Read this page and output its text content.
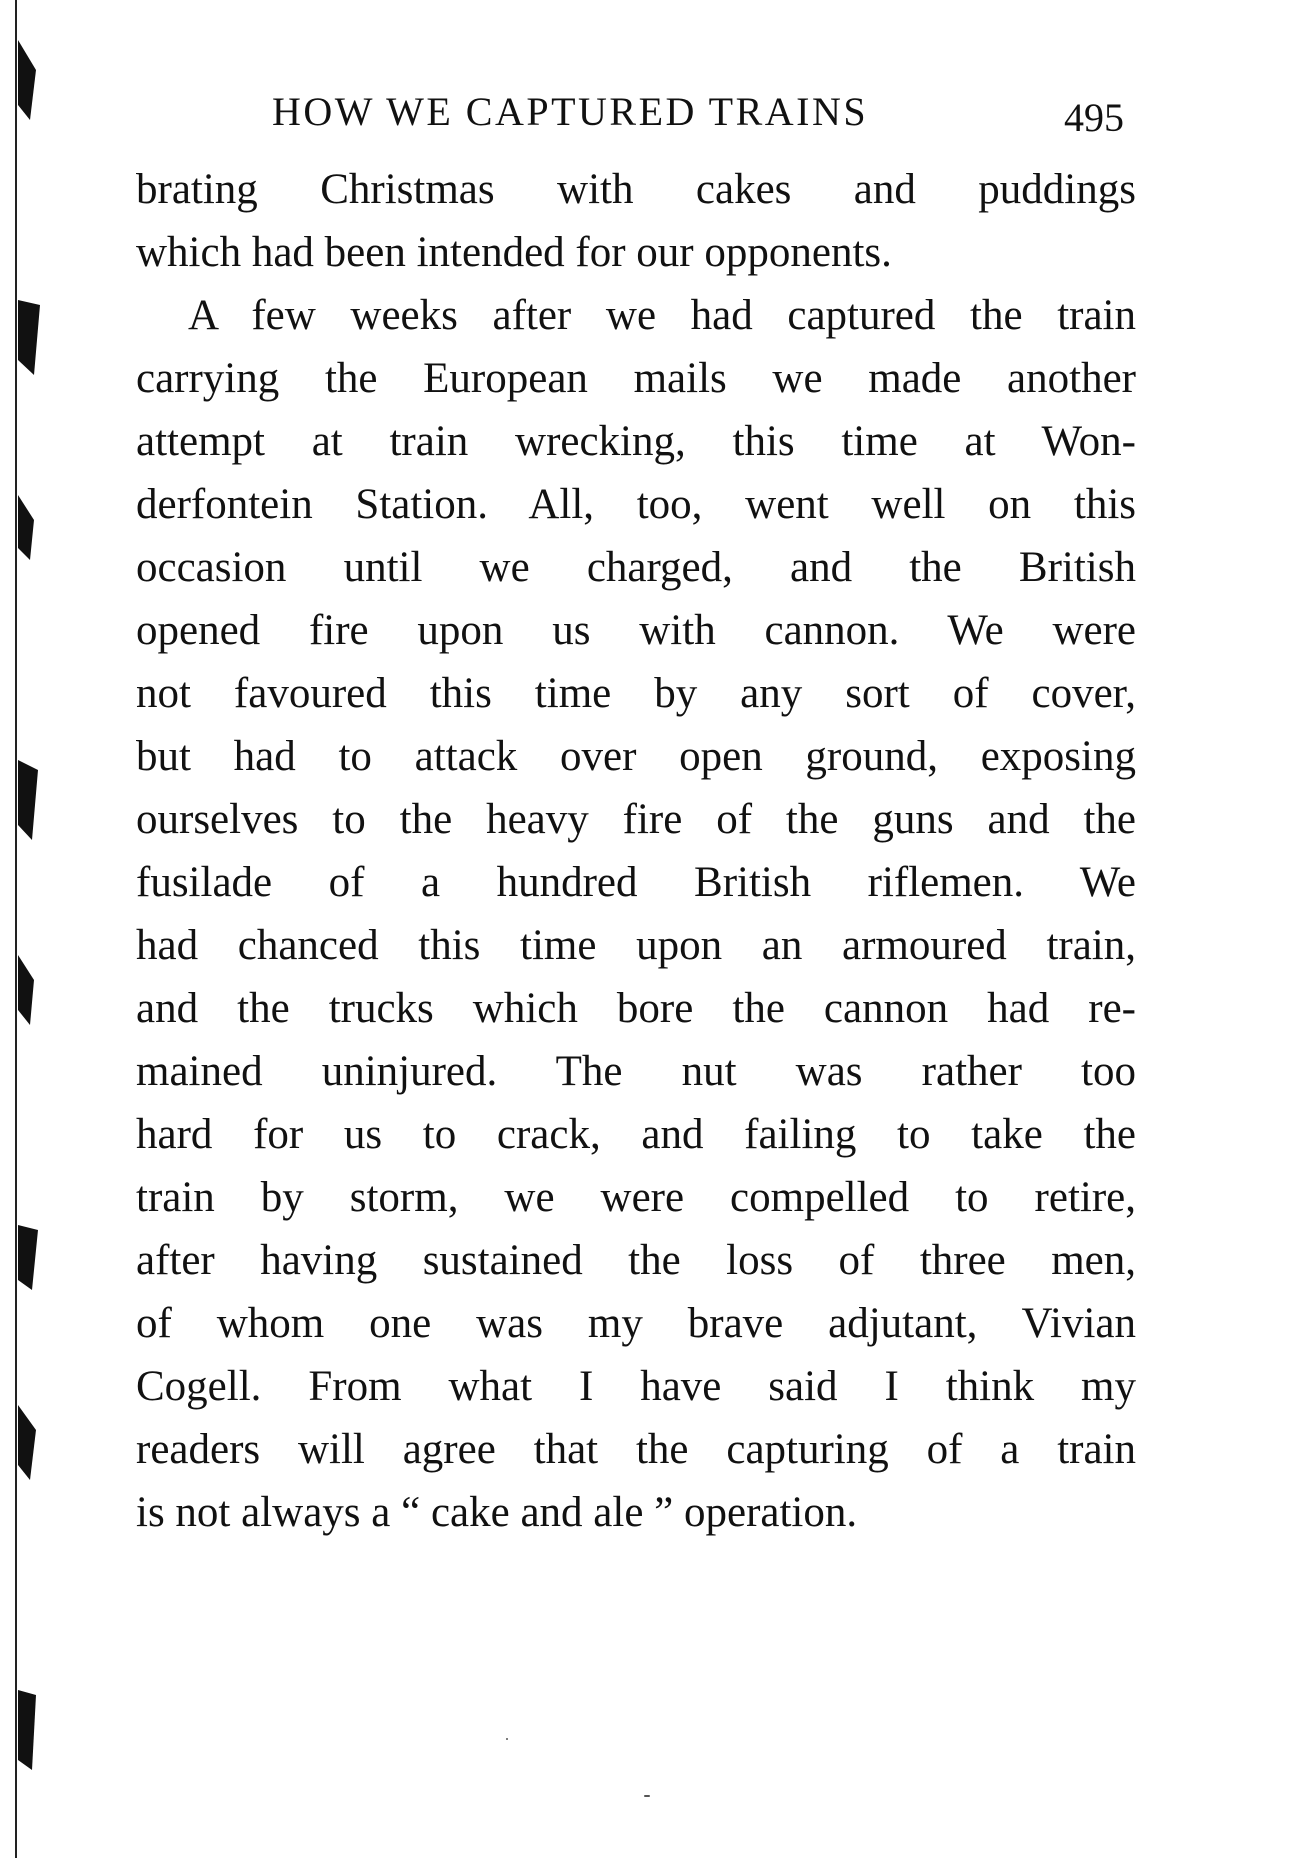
HOW WE CAPTURED TRAINS	495
brating Christmas with cakes and puddings
which had been intended for our opponents.
A few weeks after we had captured the train
carrying the European mails we made another
attempt at train wrecking, this time at Won-
derfontein Station. All, too, went well on this
occasion until we charged, and the British
opened fire upon us with cannon. We were
not favoured this time by any sort of cover,
but had to attack over open ground, exposing
ourselves to the heavy fire of the guns and the
fusilade of a hundred British riflemen. We
had chanced this time upon an armoured train,
and the trucks which bore the cannon had re-
mained uninjured. The nut was rather too
hard for us to crack, and failing to take the
train by storm, we were compelled to retire,
after having sustained the loss of three men,
of whom one was my brave adjutant, Vivian
Cogell. From what I have said I think my
readers will agree that the capturing of a train
is not always a “ cake and ale ” operation.
